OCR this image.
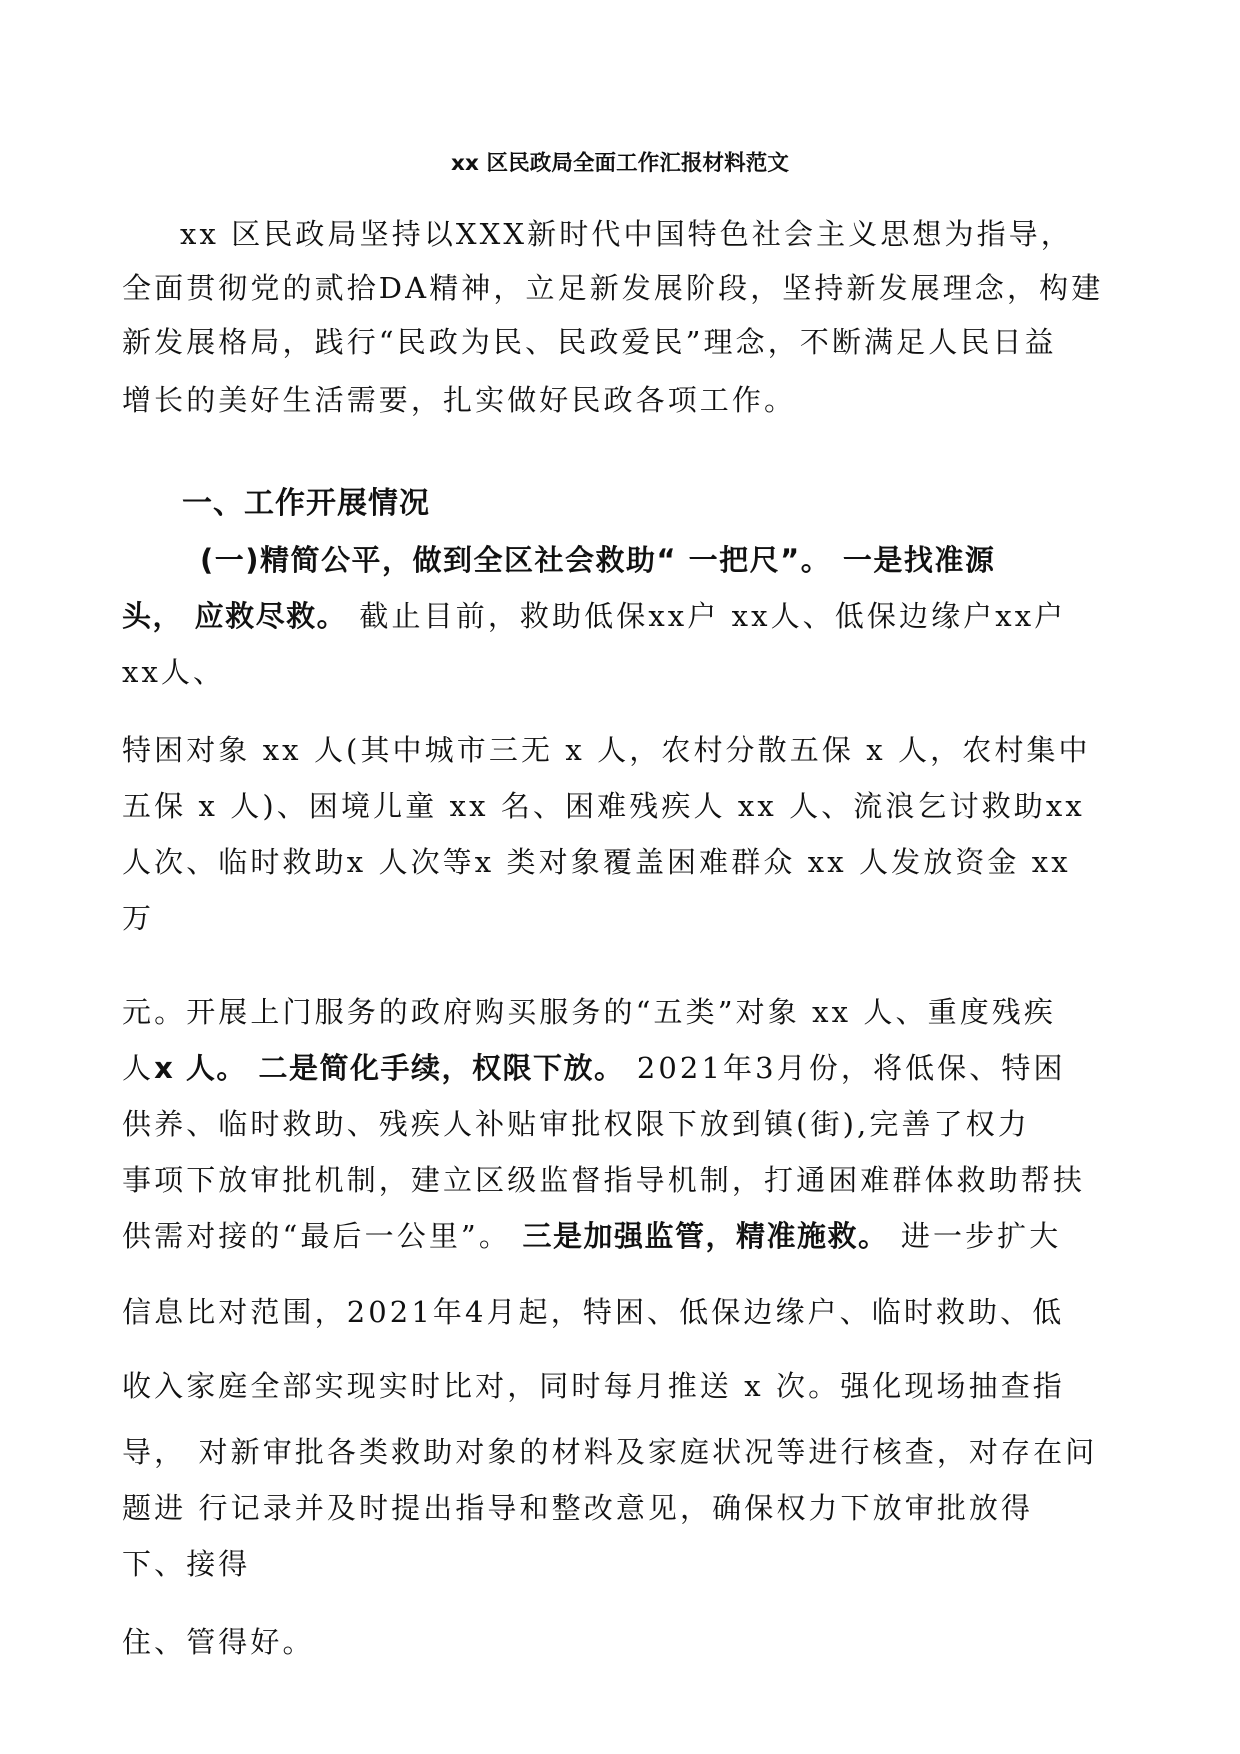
xx 区民政局全面工作汇报材料范文

xx 区民政局坚持以XXX新时代中国特色社会主义思想为指导，

全面贯彻党的贰拾DA精神，立足新发展阶段，坚持新发展理念，构建

新发展格局，践行“民政为民、民政爱民”理念，不断满足人民日益

增长的美好生活需要，扎实做好民政各项工作。

一、工作开展情况

(一)精简公平，做到全区社会救助“ 一把尺”。 一是找准源

头， 应救尽救。 截止目前，救助低保xx户 xx人、低保边缘户xx户

xx人、

特困对象 xx 人(其中城市三无 x 人，农村分散五保 x 人，农村集中

五保 x 人)、困境儿童 xx 名、困难残疾人 xx 人、流浪乞讨救助xx

人次、临时救助x 人次等x 类对象覆盖困难群众 xx 人发放资金 xx

万

元。开展上门服务的政府购买服务的“五类”对象 xx 人、重度残疾

人x 人。 二是简化手续，权限下放。 2021年3月份，将低保、特困

供养、临时救助、残疾人补贴审批权限下放到镇(街),完善了权力

事项下放审批机制，建立区级监督指导机制，打通困难群体救助帮扶

供需对接的“最后一公里”。 三是加强监管，精准施救。 进一步扩大

信息比对范围，2021年4月起，特困、低保边缘户、临时救助、低

收入家庭全部实现实时比对，同时每月推送 x 次。强化现场抽查指

导， 对新审批各类救助对象的材料及家庭状况等进行核查，对存在问

题进 行记录并及时提出指导和整改意见，确保权力下放审批放得

下、接得

住、管得好。
